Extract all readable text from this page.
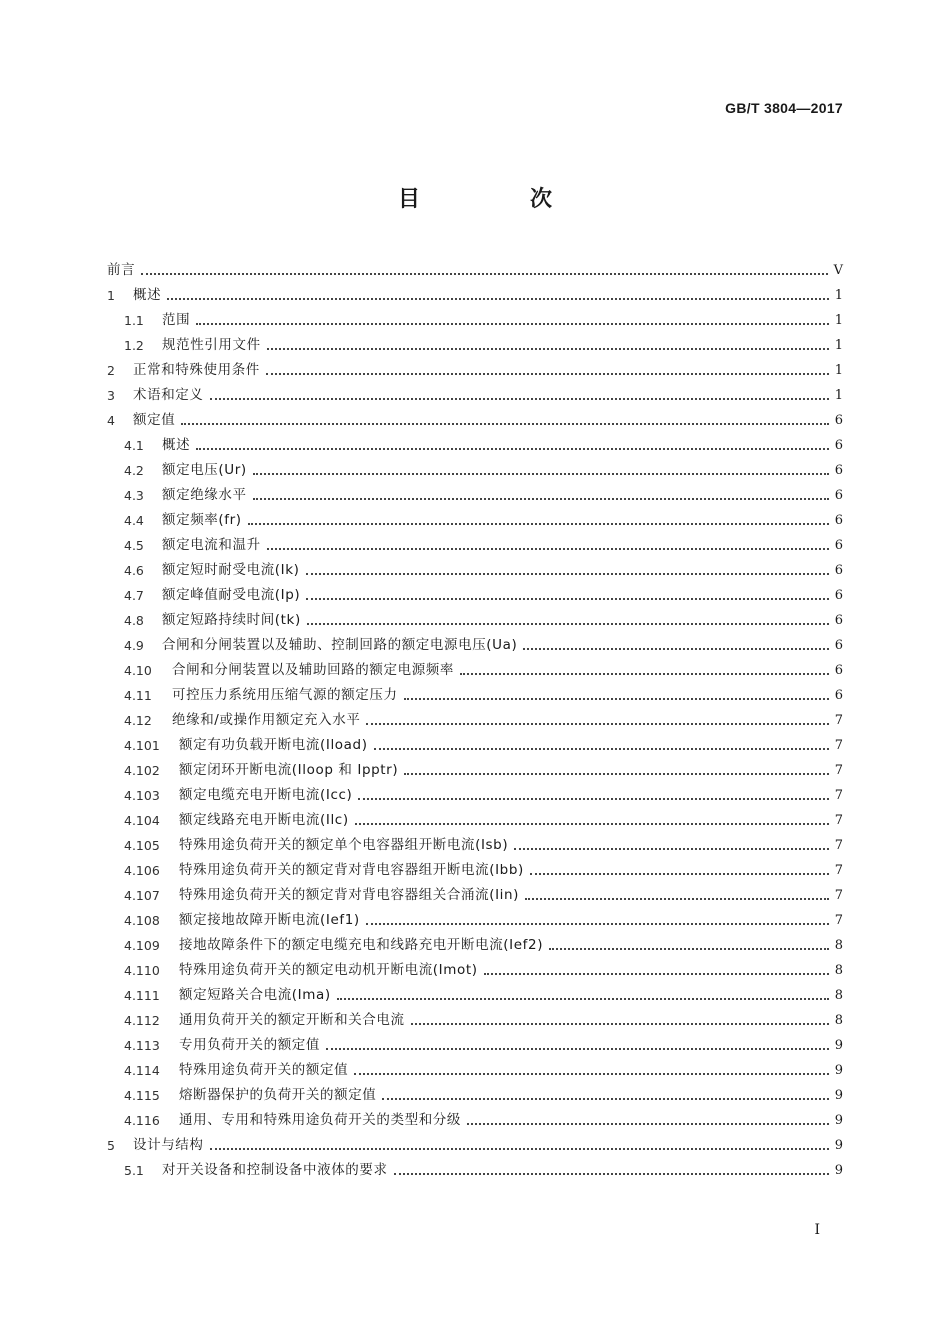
GB/T 3804—2017
目　次
前言	V
1	概述	1
1.1	范围	1
1.2	规范性引用文件	1
2	正常和特殊使用条件	1
3	术语和定义	1
4	额定值	6
4.1	概述	6
4.2	额定电压(Ur)	6
4.3	额定绝缘水平	6
4.4	额定频率(fr)	6
4.5	额定电流和温升	6
4.6	额定短时耐受电流(Ik)	6
4.7	额定峰值耐受电流(Ip)	6
4.8	额定短路持续时间(tk)	6
4.9	合闸和分闸装置以及辅助、控制回路的额定电源电压(Ua)	6
4.10	合闸和分闸装置以及辅助回路的额定电源频率	6
4.11	可控压力系统用压缩气源的额定压力	6
4.12	绝缘和/或操作用额定充入水平	7
4.101	额定有功负载开断电流(Iload)	7
4.102	额定闭环开断电流(Iloop 和 Ipptr)	7
4.103	额定电缆充电开断电流(Icc)	7
4.104	额定线路充电开断电流(Ilc)	7
4.105	特殊用途负荷开关的额定单个电容器组开断电流(Isb)	7
4.106	特殊用途负荷开关的额定背对背电容器组开断电流(Ibb)	7
4.107	特殊用途负荷开关的额定背对背电容器组关合涌流(Iin)	7
4.108	额定接地故障开断电流(Ief1)	7
4.109	接地故障条件下的额定电缆充电和线路充电开断电流(Ief2)	8
4.110	特殊用途负荷开关的额定电动机开断电流(Imot)	8
4.111	额定短路关合电流(Ima)	8
4.112	通用负荷开关的额定开断和关合电流	8
4.113	专用负荷开关的额定值	9
4.114	特殊用途负荷开关的额定值	9
4.115	熔断器保护的负荷开关的额定值	9
4.116	通用、专用和特殊用途负荷开关的类型和分级	9
5	设计与结构	9
5.1	对开关设备和控制设备中液体的要求	9
I
